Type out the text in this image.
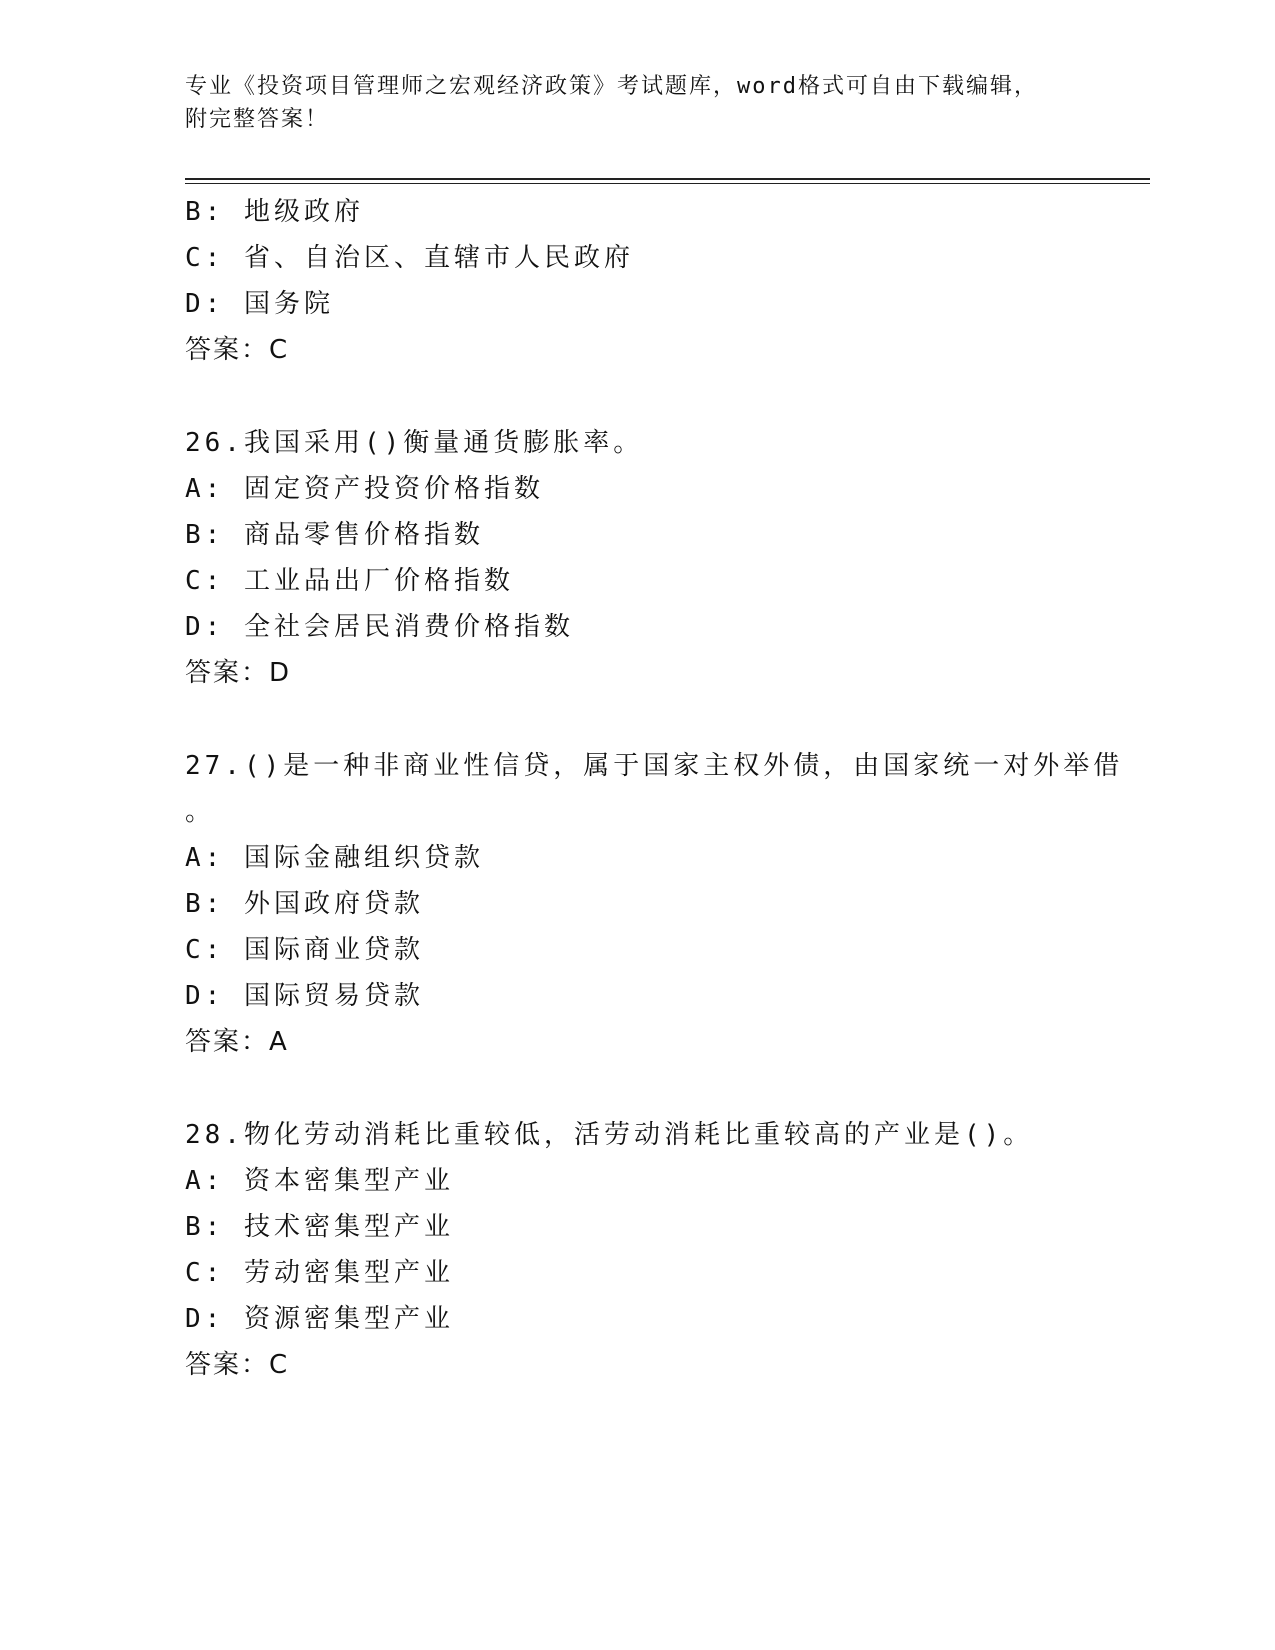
专业《投资项目管理师之宏观经济政策》考试题库，word格式可自由下载编辑，
附完整答案！
B: 地级政府
C: 省、自治区、直辖市人民政府
D: 国务院
答案：C
26.我国采用()衡量通货膨胀率。
A: 固定资产投资价格指数
B: 商品零售价格指数
C: 工业品出厂价格指数
D: 全社会居民消费价格指数
答案：D
27.()是一种非商业性信贷，属于国家主权外债，由国家统一对外举借
。
A: 国际金融组织贷款
B: 外国政府贷款
C: 国际商业贷款
D: 国际贸易贷款
答案：A
28.物化劳动消耗比重较低，活劳动消耗比重较高的产业是()。
A: 资本密集型产业
B: 技术密集型产业
C: 劳动密集型产业
D: 资源密集型产业
答案：C
